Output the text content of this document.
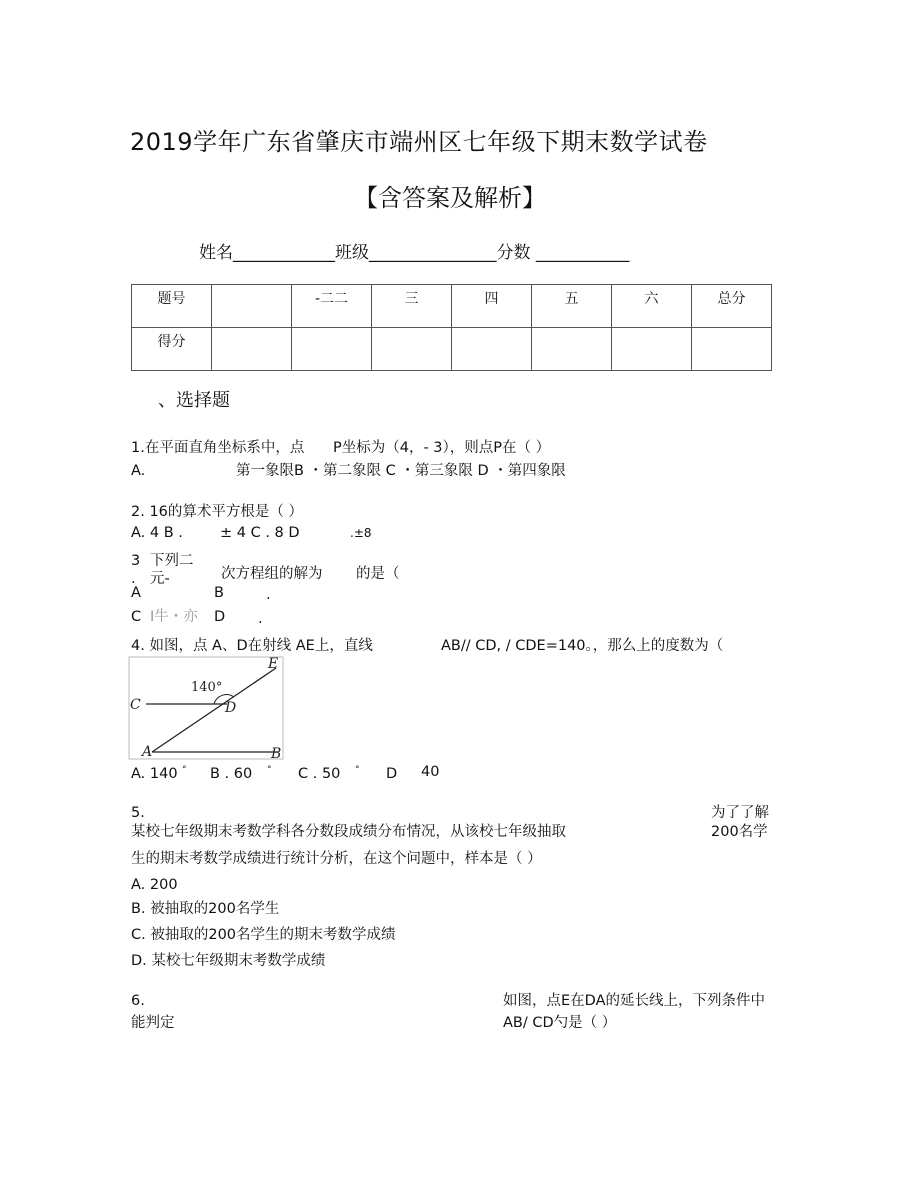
2019学年广东省肇庆市端州区七年级下期末数学试卷
【含答案及解析】
姓名____________班级_______________分数 ___________
题号		-二二	三	四	五	六	总分

得分							

、选择题
1.在平面直角坐标系中，点 P坐标为（4，- 3），则点P在（ ）
A.	第一象限B ・第二象限 C ・第三象限 D ・第四象限
2. 16的算术平方根是（ ）
A. 4 B .	± 4 C . 8 D	.±8
3 下列二
. 元-	次方程组的解为 的是（
A	B	.
C I牛・亦 D .
4. 如图，点 A、D在射线 AE上，直线	AB// CD, / CDE=140。，那么上的度数为（
140°
C	D
E
A	B
A. 140 ° B . 60 ° C . 50 ° D 40
5.	为了了解
某校七年级期末考数学科各分数段成绩分布情况，从该校七年级抽取	200名学
生的期末考数学成绩进行统计分析，在这个问题中，样本是（ ）
A. 200
B. 被抽取的200名学生
C. 被抽取的200名学生的期末考数学成绩
D. 某校七年级期末考数学成绩
6.	如图，点E在DA的延长线上，下列条件中
能判定	AB/ CD勺是（ ）
